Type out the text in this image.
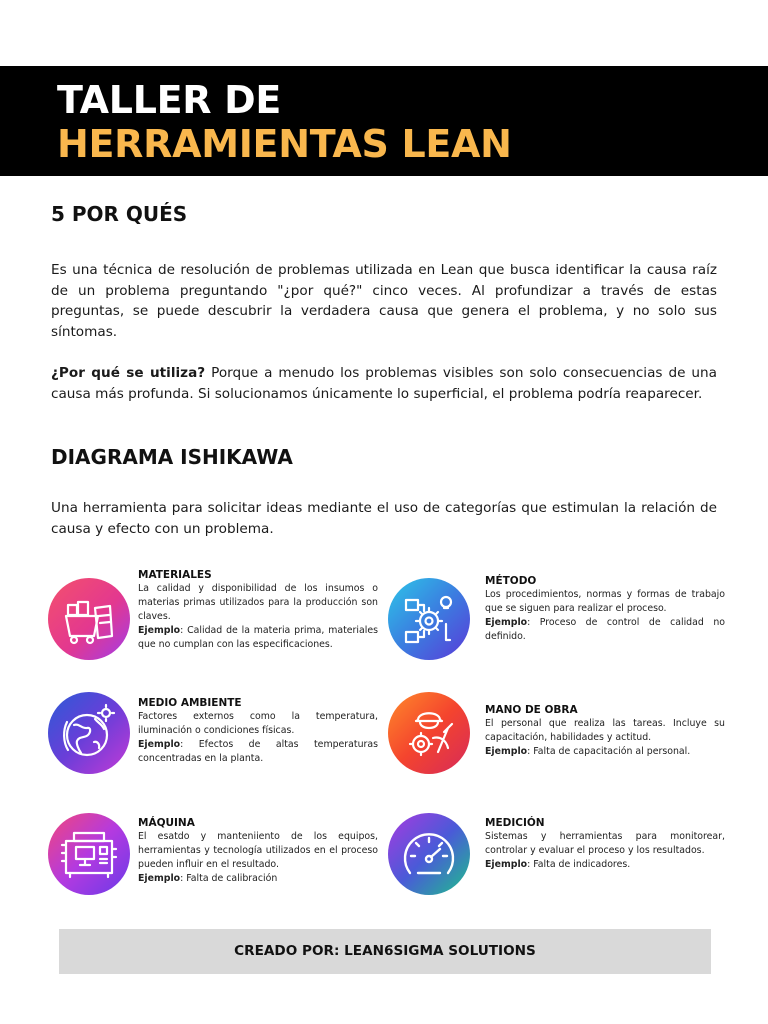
TALLER DE
HERRAMIENTAS LEAN
5 POR QUÉS

Es una técnica de resolución de problemas utilizada en Lean que busca identificar la causa raíz de un problema preguntando "¿por qué?" cinco veces. Al profundizar a través de estas preguntas, se puede descubrir la verdadera causa que genera el problema, y no solo sus síntomas.

¿Por qué se utiliza? Porque a menudo los problemas visibles son solo consecuencias de una causa más profunda. Si solucionamos únicamente lo superficial, el problema podría reaparecer.

DIAGRAMA ISHIKAWA

Una herramienta para solicitar ideas mediante el uso de categorías que estimulan la relación de causa y efecto con un problema.

MATERIALES
La calidad y disponibilidad de los insumos o materias primas utilizados para la producción son claves.
Ejemplo: Calidad de la materia prima, materiales que no cumplan con las especificaciones.
MÉTODO
Los procedimientos, normas y formas de trabajo que se siguen para realizar el proceso.
Ejemplo: Proceso de control de calidad no definido.
MEDIO AMBIENTE
Factores externos como la temperatura, iluminación o condiciones físicas.
Ejemplo: Efectos de altas temperaturas concentradas en la planta.
MANO DE OBRA
El personal que realiza las tareas. Incluye su capacitación, habilidades y actitud.
Ejemplo: Falta de capacitación al personal.
MÁQUINA
El esatdo y manteniiento de los equipos, herramientas y tecnología utilizados en el proceso pueden influir en el resultado.
Ejemplo: Falta de calibración
MEDICIÓN
Sistemas y herramientas para monitorear, controlar y evaluar el proceso y los resultados.
Ejemplo: Falta de indicadores.
CREADO POR: LEAN6SIGMA SOLUTIONS
